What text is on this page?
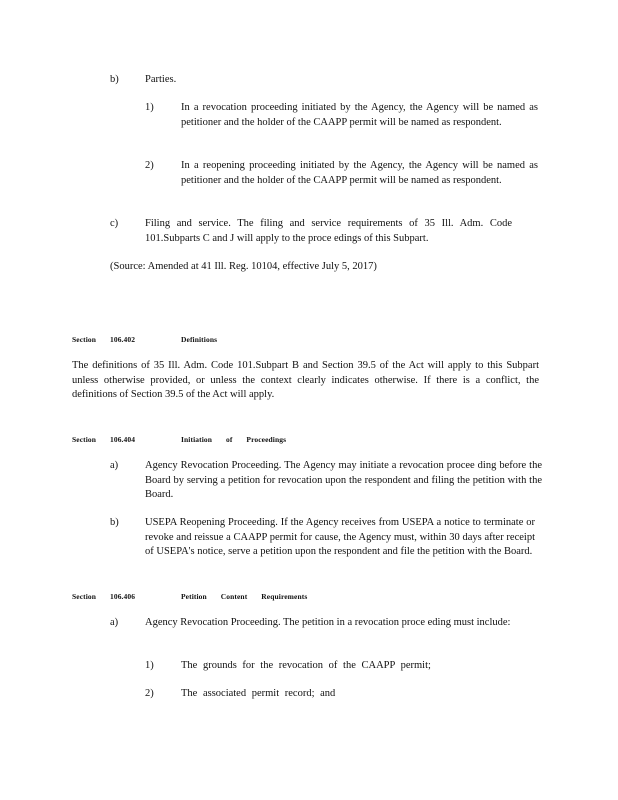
b)	Parties.
1)	In a revocation proceeding initiated by the Agency, the Agency will be named as petitioner and the holder of the CAAPP permit will be named as respondent.
2)	In a reopening proceeding initiated by the Agency, the Agency will be named as petitioner and the holder of the CAAPP permit will be named as respondent.
c)	Filing and service. The filing and service requirements of 35 Ill. Adm. Code 101.Subparts C and J will apply to the proce edings of this Subpart.
(Source: Amended at 41 Ill. Reg. 10104, effective July 5, 2017)
Section 106.402	Definitions
The definitions of 35 Ill. Adm. Code 101.Subpart B and Section 39.5 of the Act will apply to this Subpart unless otherwise provided, or unless the context clearly indicates otherwise. If there is a conflict, the definitions of Section 39.5 of the Act will apply.
Section 106.404	Initiation of Proceedings
a)	Agency Revocation Proceeding. The Agency may initiate a revocation procee ding before the Board by serving a petition for revocation upon the respondent and filing the petition with the Board.
b)	USEPA Reopening Proceeding. If the Agency receives from USEPA a notice to terminate or revoke and reissue a CAAPP permit for cause, the Agency must, within 30 days after receipt of USEPA's notice, serve a petition upon the respondent and file the petition with the Board.
Section 106.406	Petition Content Requirements
a)	Agency Revocation Proceeding. The petition in a revocation proce eding must include:
1)	The grounds for the revocation of the CAAPP permit;
2)	The associated permit record; and
